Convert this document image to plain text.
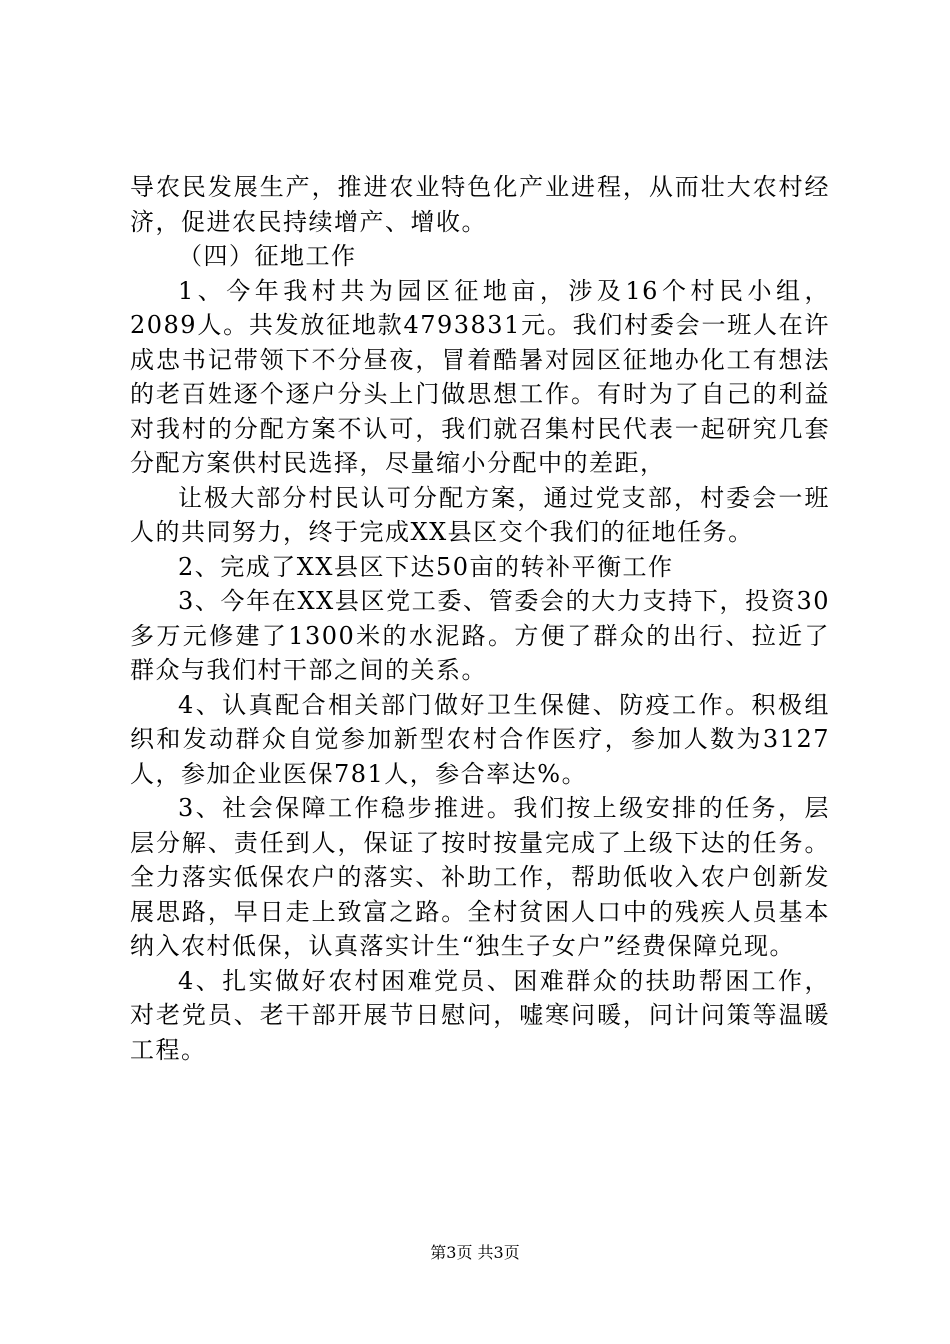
导农民发展生产，推进农业特色化产业进程，从而壮大农村经济，促进农民持续增产、增收。

（四）征地工作

1、今年我村共为园区征地亩，涉及16个村民小组，2089人。共发放征地款4793831元。我们村委会一班人在许成忠书记带领下不分昼夜，冒着酷暑对园区征地办化工有想法的老百姓逐个逐户分头上门做思想工作。有时为了自己的利益对我村的分配方案不认可，我们就召集村民代表一起研究几套分配方案供村民选择，尽量缩小分配中的差距，

让极大部分村民认可分配方案，通过党支部，村委会一班人的共同努力，终于完成XX县区交个我们的征地任务。

2、完成了XX县区下达50亩的转补平衡工作

3、今年在XX县区党工委、管委会的大力支持下，投资30多万元修建了1300米的水泥路。方便了群众的出行、拉近了群众与我们村干部之间的关系。

4、认真配合相关部门做好卫生保健、防疫工作。积极组织和发动群众自觉参加新型农村合作医疗，参加人数为3127人，参加企业医保781人，参合率达%。

3、社会保障工作稳步推进。我们按上级安排的任务，层层分解、责任到人，保证了按时按量完成了上级下达的任务。全力落实低保农户的落实、补助工作，帮助低收入农户创新发展思路，早日走上致富之路。全村贫困人口中的残疾人员基本纳入农村低保，认真落实计生“独生子女户”经费保障兑现。

4、扎实做好农村困难党员、困难群众的扶助帮困工作，对老党员、老干部开展节日慰问，嘘寒问暖，问计问策等温暖工程。

第3页 共3页
